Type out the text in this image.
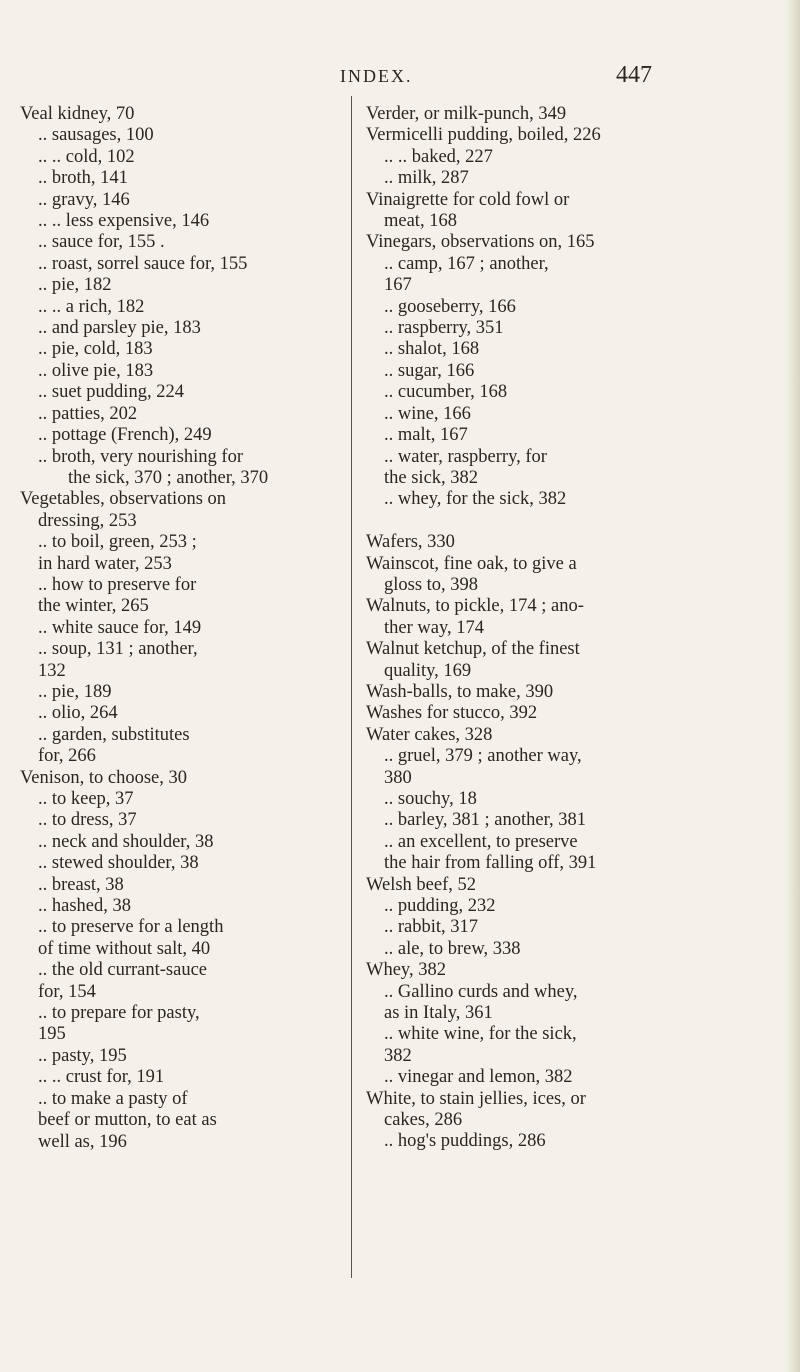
INDEX.	447
Veal kidney, 70
.. sausages, 100
.. .. cold, 102
.. broth, 141
.. gravy, 146
.. .. less expensive, 146
.. sauce for, 155 .
.. roast, sorrel sauce for, 155
.. pie, 182
.. .. a rich, 182
.. and parsley pie, 183
.. pie, cold, 183
.. olive pie, 183
.. suet pudding, 224
.. patties, 202
.. pottage (French), 249
.. broth, very nourishing for
the sick, 370 ; another, 370
Vegetables, observations on
dressing, 253
.. to boil, green, 253 ;
in hard water, 253
.. how to preserve for
the winter, 265
.. white sauce for, 149
.. soup, 131 ; another,
132
.. pie, 189
.. olio, 264
.. garden, substitutes
for, 266
Venison, to choose, 30
.. to keep, 37
.. to dress, 37
.. neck and shoulder, 38
.. stewed shoulder, 38
.. breast, 38
.. hashed, 38
.. to preserve for a length
of time without salt, 40
.. the old currant-sauce
for, 154
.. to prepare for pasty,
195
.. pasty, 195
.. .. crust for, 191
.. to make a pasty of
beef or mutton, to eat as
well as, 196
Verder, or milk-punch, 349
Vermicelli pudding, boiled, 226
.. .. baked, 227
.. milk, 287
Vinaigrette for cold fowl or
meat, 168
Vinegars, observations on, 165
.. camp, 167 ; another,
167
.. gooseberry, 166
.. raspberry, 351
.. shalot, 168
.. sugar, 166
.. cucumber, 168
.. wine, 166
.. malt, 167
.. water, raspberry, for
the sick, 382
.. whey, for the sick, 382
Wafers, 330
Wainscot, fine oak, to give a
gloss to, 398
Walnuts, to pickle, 174 ; ano-
ther way, 174
Walnut ketchup, of the finest
quality, 169
Wash-balls, to make, 390
Washes for stucco, 392
Water cakes, 328
.. gruel, 379 ; another way,
380
.. souchy, 18
.. barley, 381 ; another, 381
.. an excellent, to preserve
the hair from falling off, 391
Welsh beef, 52
.. pudding, 232
.. rabbit, 317
.. ale, to brew, 338
Whey, 382
.. Gallino curds and whey,
as in Italy, 361
.. white wine, for the sick,
382
.. vinegar and lemon, 382
White, to stain jellies, ices, or
cakes, 286
.. hog's puddings, 286
